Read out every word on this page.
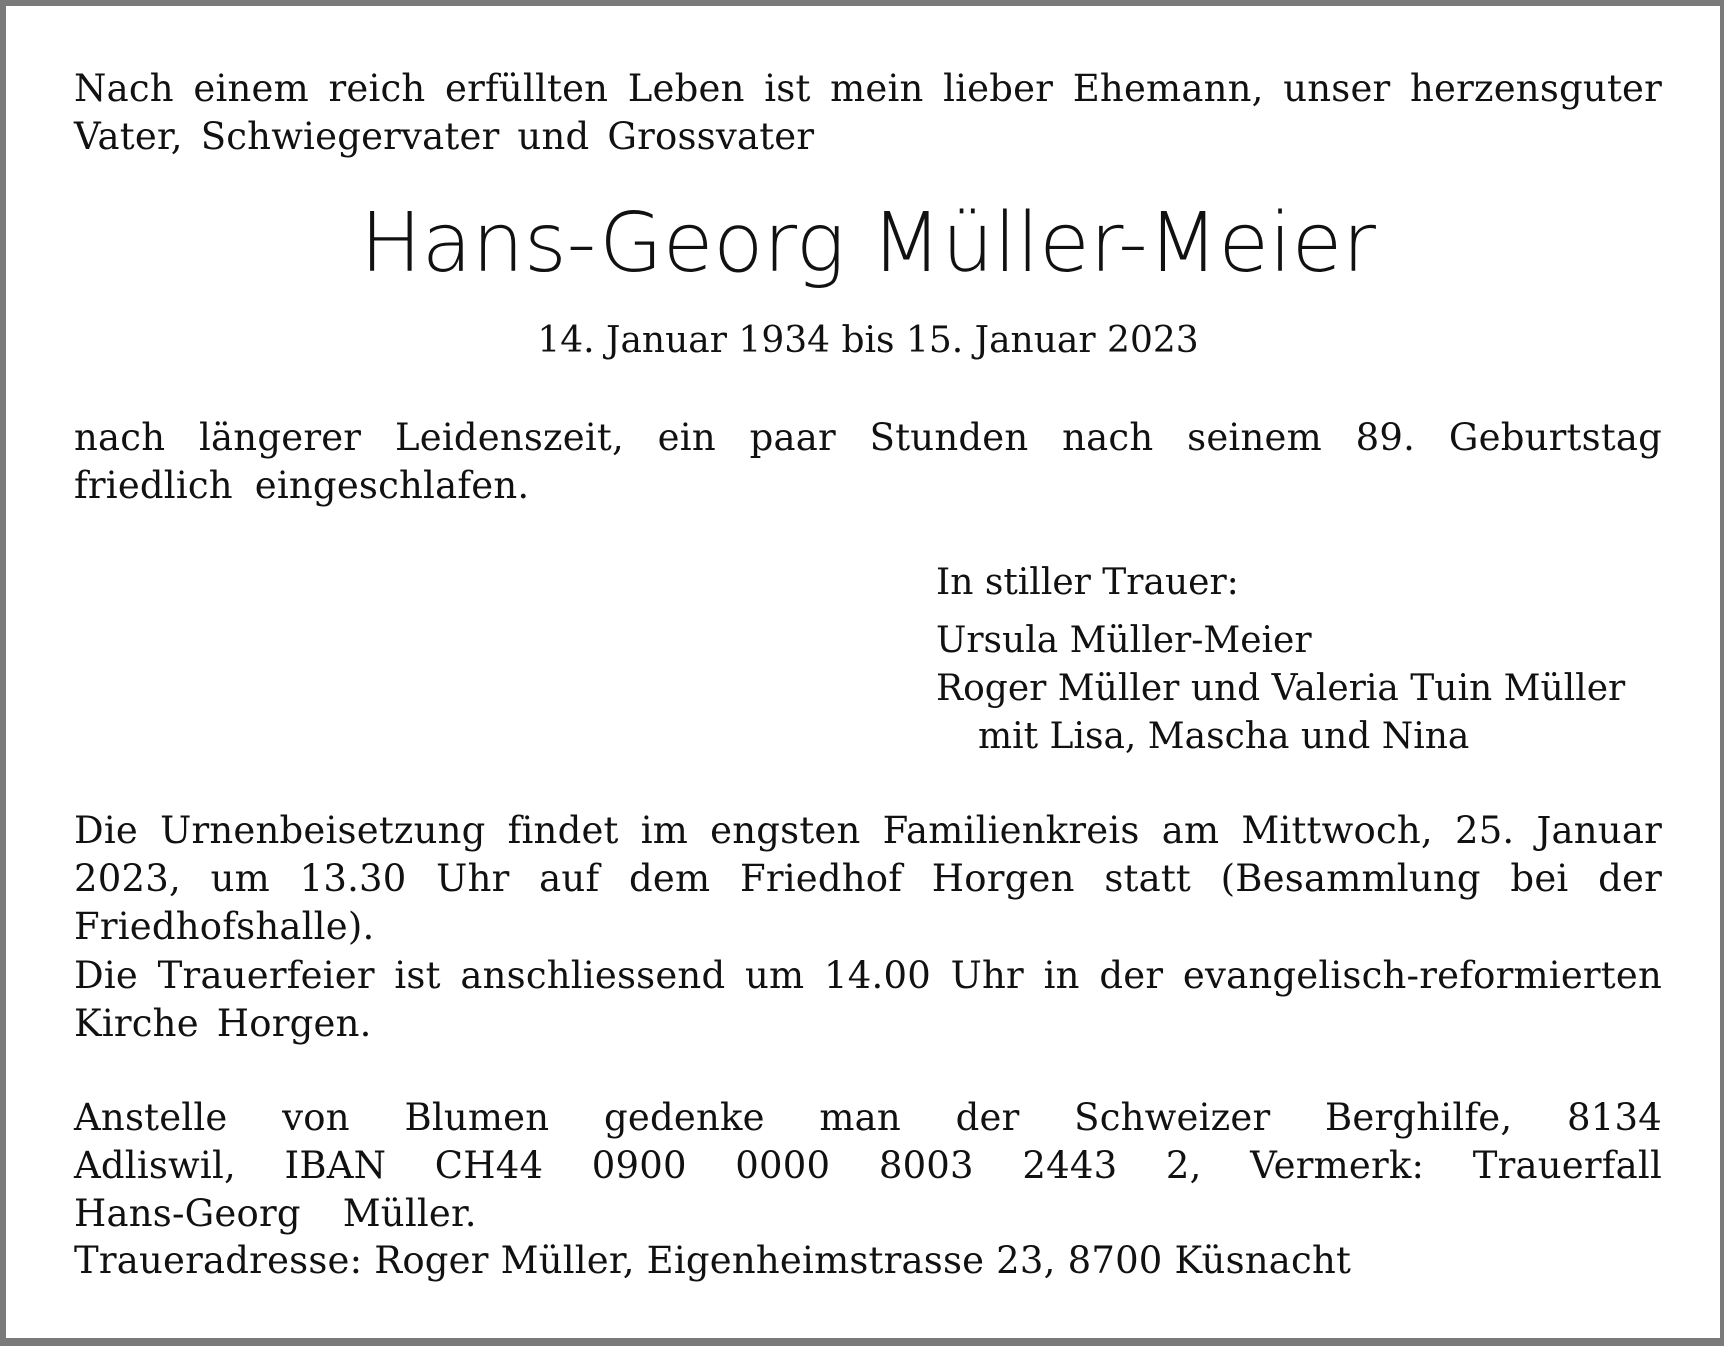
Nach einem reich erfüllten Leben ist mein lieber Ehemann, unser herzensguter Vater, Schwiegervater und Grossvater

Hans-Georg Müller-Meier

14. Januar 1934 bis 15. Januar 2023

nach längerer Leidenszeit, ein paar Stunden nach seinem 89. Geburtstag friedlich eingeschlafen.

In stiller Trauer:
Ursula Müller-Meier
Roger Müller und Valeria Tuin Müller
mit Lisa, Mascha und Nina

Die Urnenbeisetzung findet im engsten Familienkreis am Mittwoch, 25. Januar 2023, um 13.30 Uhr auf dem Friedhof Horgen statt (Besammlung bei der Friedhofshalle).

Die Trauerfeier ist anschliessend um 14.00 Uhr in der evangelisch-reformierten Kirche Horgen.

Anstelle von Blumen gedenke man der Schweizer Berghilfe, 8134 Adliswil, IBAN CH44 0900 0000 8003 2443 2, Vermerk: Trauerfall Hans-Georg Müller.

Traueradresse: Roger Müller, Eigenheimstrasse 23, 8700 Küsnacht
